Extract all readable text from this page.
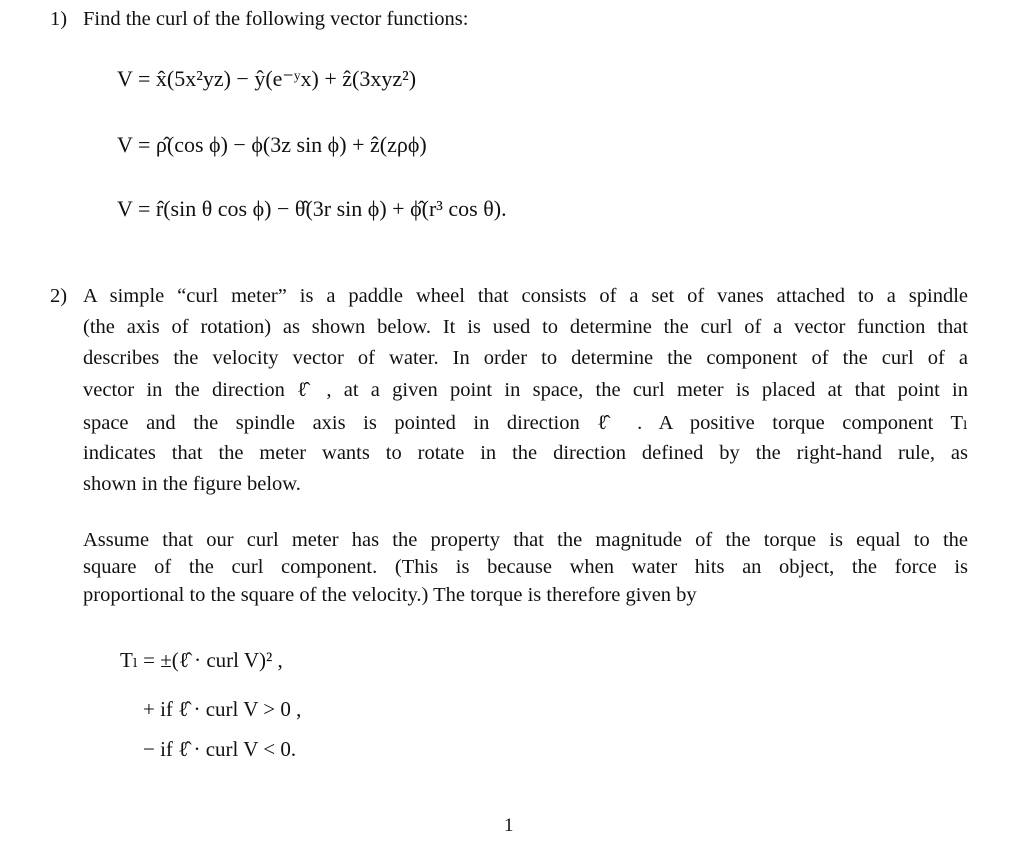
1) Find the curl of the following vector functions:
V = x̂(5x²yz) − ŷ(e⁻ʸx) + ẑ(3xyz²)
V = ρ̂(cos ϕ) − ϕ(3z sin ϕ) + ẑ(zρϕ)
V = r̂(sin θ cos ϕ) − θ̂(3r sin ϕ) + ϕ̂(r³ cos θ).
2) A simple “curl meter” is a paddle wheel that consists of a set of vanes attached to a spindle
(the axis of rotation) as shown below. It is used to determine the curl of a vector function that
describes the velocity vector of water. In order to determine the component of the curl of a
vector in the direction ℓ̂ , at a given point in space, the curl meter is placed at that point in
space and the spindle axis is pointed in direction ℓ̂ . A positive torque component Tₗ
indicates that the meter wants to rotate in the direction defined by the right-hand rule, as
shown in the figure below.
Assume that our curl meter has the property that the magnitude of the torque is equal to the
square of the curl component. (This is because when water hits an object, the force is
proportional to the square of the velocity.) The torque is therefore given by
Tₗ = ±(ℓ̂ · curl V)² ,
+ if ℓ̂ · curl V > 0 ,
− if ℓ̂ · curl V < 0.
1
